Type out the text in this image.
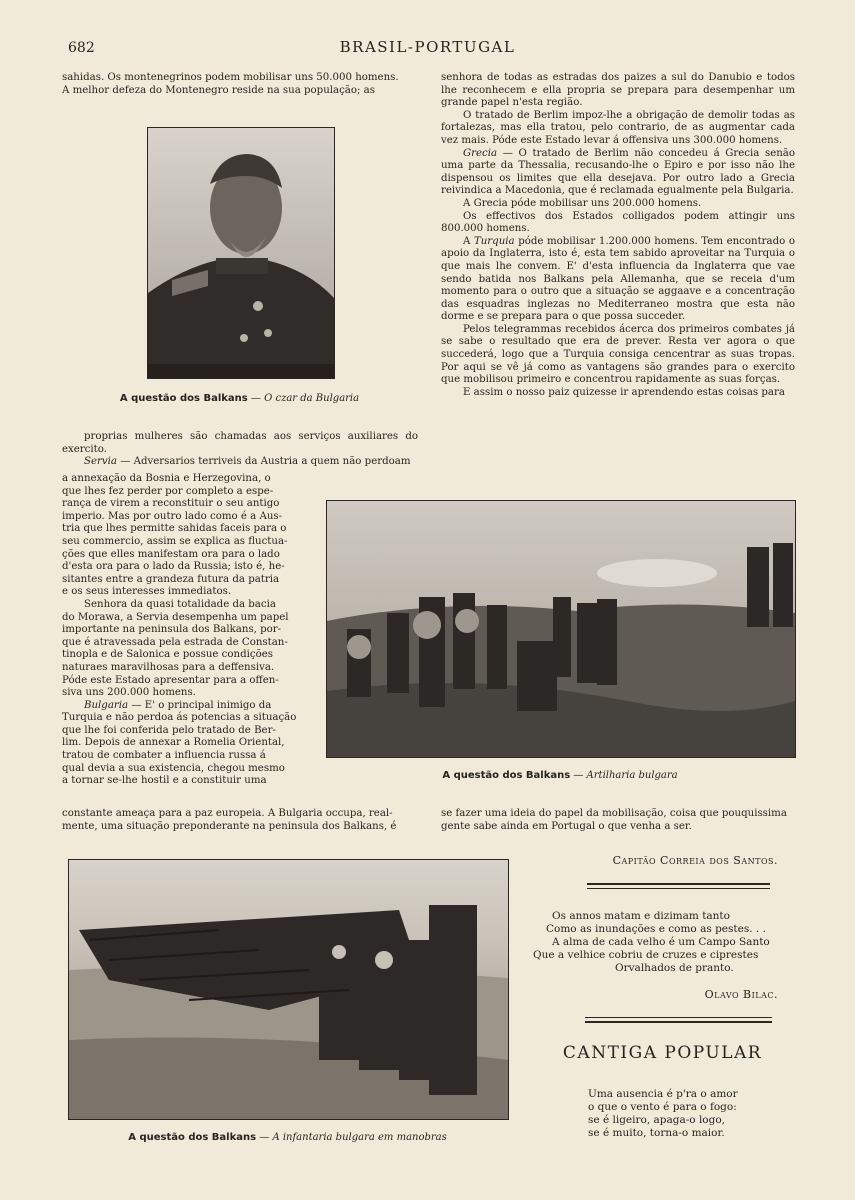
682	BRASIL-PORTUGAL

sahidas. Os montenegrinos podem mobilisar uns 50.000 homens.

A melhor defeza do Montenegro reside na sua população; as

A questão dos Balkans — O czar da Bulgaria

proprias mulheres são chamadas aos serviços auxiliares do exercito.

Servia — Adversarios terriveis da Austria a quem não perdoam

a annexação da Bosnia e Herzegovina, o

que lhes fez perder por completo a espe-

rança de virem a reconstituir o seu antigo

imperio. Mas por outro lado como é a Aus-

tria que lhes permitte sahidas faceis para o

seu commercio, assim se explica as fluctua-

ções que elles manifestam ora para o lado

d'esta ora para o lado da Russia; isto é, he-

sitantes entre a grandeza futura da patria

e os seus interesses immediatos.

Senhora da quasi totalidade da bacia

do Morawa, a Servia desempenha um papel

importante na peninsula dos Balkans, por-

que é atravessada pela estrada de Constan-

tinopla e de Salonica e possue condições

naturaes maravilhosas para a deffensiva.

Póde este Estado apresentar para a offen-

siva uns 200.000 homens.

Bulgaria — E' o principal inimigo da

Turquia e não perdoa ás potencias a situação

que lhe foi conferida pelo tratado de Ber-

lim. Depois de annexar a Romelia Oriental,

tratou de combater a influencia russa á

qual devia a sua existencia, chegou mesmo

a tornar se-lhe hostil e a constituir uma

constante ameaça para a paz europeia. A Bulgaria occupa, real-

mente, uma situação preponderante na peninsula dos Balkans, é

senhora de todas as estradas dos paizes a sul do Danubio e todos lhe reconhecem e ella propria se prepara para desempenhar um grande papel n'esta região.

O tratado de Berlim impoz-lhe a obrigação de demolir todas as fortalezas, mas ella tratou, pelo contrario, de as augmentar cada vez mais. Póde este Estado levar á offensiva uns 300.000 homens.

Grecia — O tratado de Berlim não concedeu á Grecia senão uma parte da Thessalia, recusando-lhe o Epiro e por isso não lhe dispensou os limites que ella desejava. Por outro lado a Grecia reivindica a Macedonia, que é reclamada egualmente pela Bulgaria.

A Grecia póde mobilisar uns 200.000 homens.

Os effectivos dos Estados colligados podem attingir uns 800.000 homens.

A Turquia póde mobilisar 1.200.000 homens. Tem encontrado o apoio da Inglaterra, isto é, esta tem sabido aproveitar na Turquia o que mais lhe convem. E' d'esta influencia da Inglaterra que vae sendo batida nos Balkans pela Allemanha, que se receia d'um momento para o outro que a situação se aggaave e a concentração das esquadras inglezas no Mediterraneo mostra que esta não dorme e se prepara para o que possa succeder.

Pelos telegrammas recebidos ácerca dos primeiros combates já se sabe o resultado que era de prever. Resta ver agora o que succederá, logo que a Turquia consiga cencentrar as suas tropas. Por aqui se vê já como as vantagens são grandes para o exercito que mobilisou primeiro e concentrou rapidamente as suas forças.

E assim o nosso paiz quizesse ir aprendendo estas coisas para

A questão dos Balkans — Artilharia bulgara

se fazer uma ideia do papel da mobilisação, coisa que pouquissima

gente sabe ainda em Portugal o que venha a ser.

Capitão Correia dos Santos.
Os annos matam e dizimam tanto
Como as inundações e como as pestes. . .
A alma de cada velho é um Campo Santo
Que a velhice cobriu de cruzes e ciprestes
Orvalhados de pranto.
Olavo Bilac.
A questão dos Balkans — A infantaria bulgara em manobras
CANTIGA POPULAR
Uma ausencia é p'ra o amor
o que o vento é para o fogo:
se é ligeiro, apaga-o logo,
se é muito, torna-o maior.
